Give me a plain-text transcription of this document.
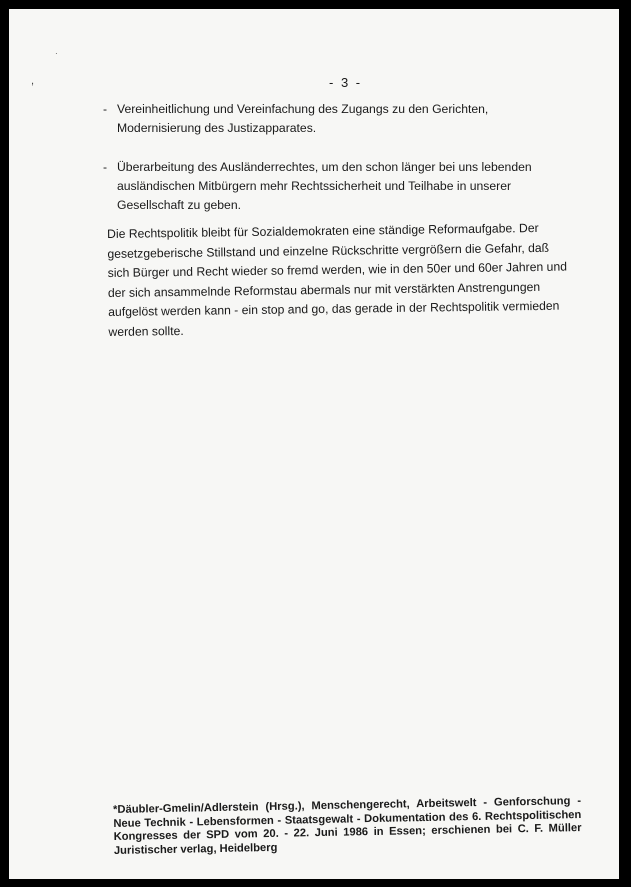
,
·
- 3 -
- Vereinheitlichung und Vereinfachung des Zugangs zu den Gerichten, Modernisierung des Justizapparates.
- Überarbeitung des Ausländerrechtes, um den schon länger bei uns lebenden ausländischen Mitbürgern mehr Rechtssicherheit und Teilhabe in unserer Gesellschaft zu geben.
Die Rechtspolitik bleibt für Sozialdemokraten eine ständige Reformaufgabe. Der gesetzgeberische Stillstand und einzelne Rückschritte vergrößern die Gefahr, daß sich Bürger und Recht wieder so fremd werden, wie in den 50er und 60er Jahren und der sich ansammelnde Reformstau abermals nur mit verstärkten Anstrengungen aufgelöst werden kann - ein stop and go, das gerade in der Rechtspolitik vermieden werden sollte.
*Däubler-Gmelin/Adlerstein (Hrsg.), Menschengerecht, Arbeitswelt - Genforschung - Neue Technik - Lebensformen - Staatsgewalt - Dokumentation des 6. Rechtspolitischen Kongresses der SPD vom 20. - 22. Juni 1986 in Essen; erschienen bei C. F. Müller Juristischer verlag, Heidelberg
